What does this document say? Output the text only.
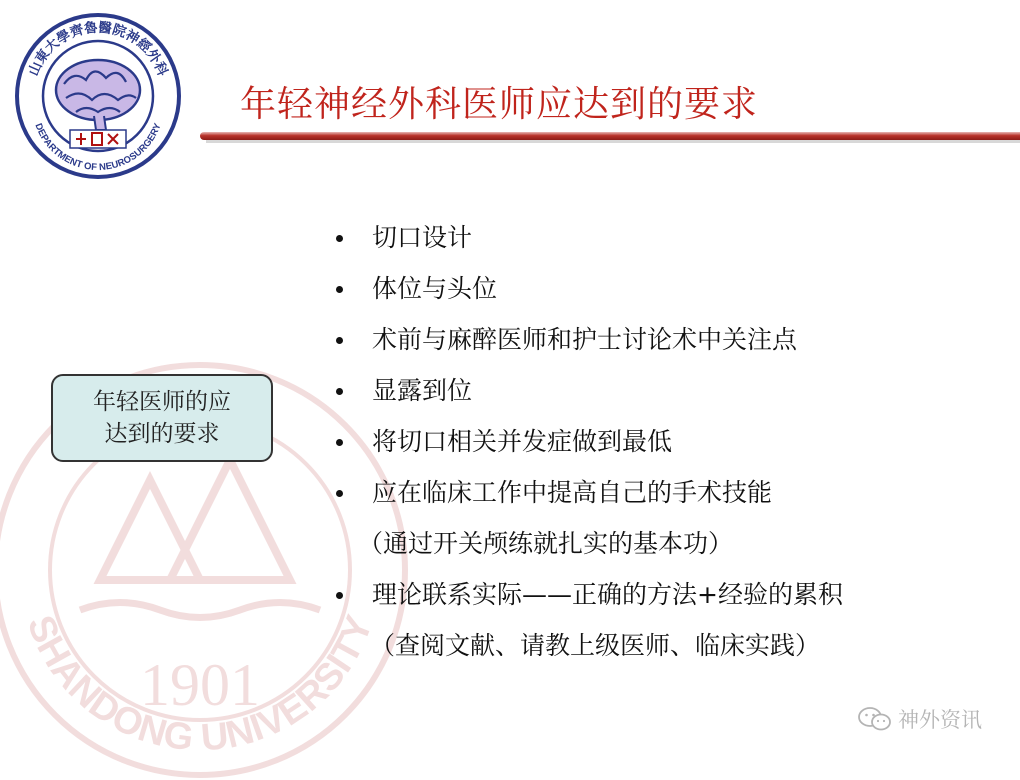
1901
SHANDONG UNIVERSITY
山東大學齊魯醫院神經外科
DEPARTMENT OF NEUROSURGERY
年轻神经外科医师应达到的要求
年轻医师的应
达到的要求
切口设计
体位与头位
术前与麻醉医师和护士讨论术中关注点
显露到位
将切口相关并发症做到最低
应在临床工作中提高自己的手术技能
（通过开关颅练就扎实的基本功）
理论联系实际——正确的方法+经验的累积
（查阅文献、请教上级医师、临床实践）
神外资讯
